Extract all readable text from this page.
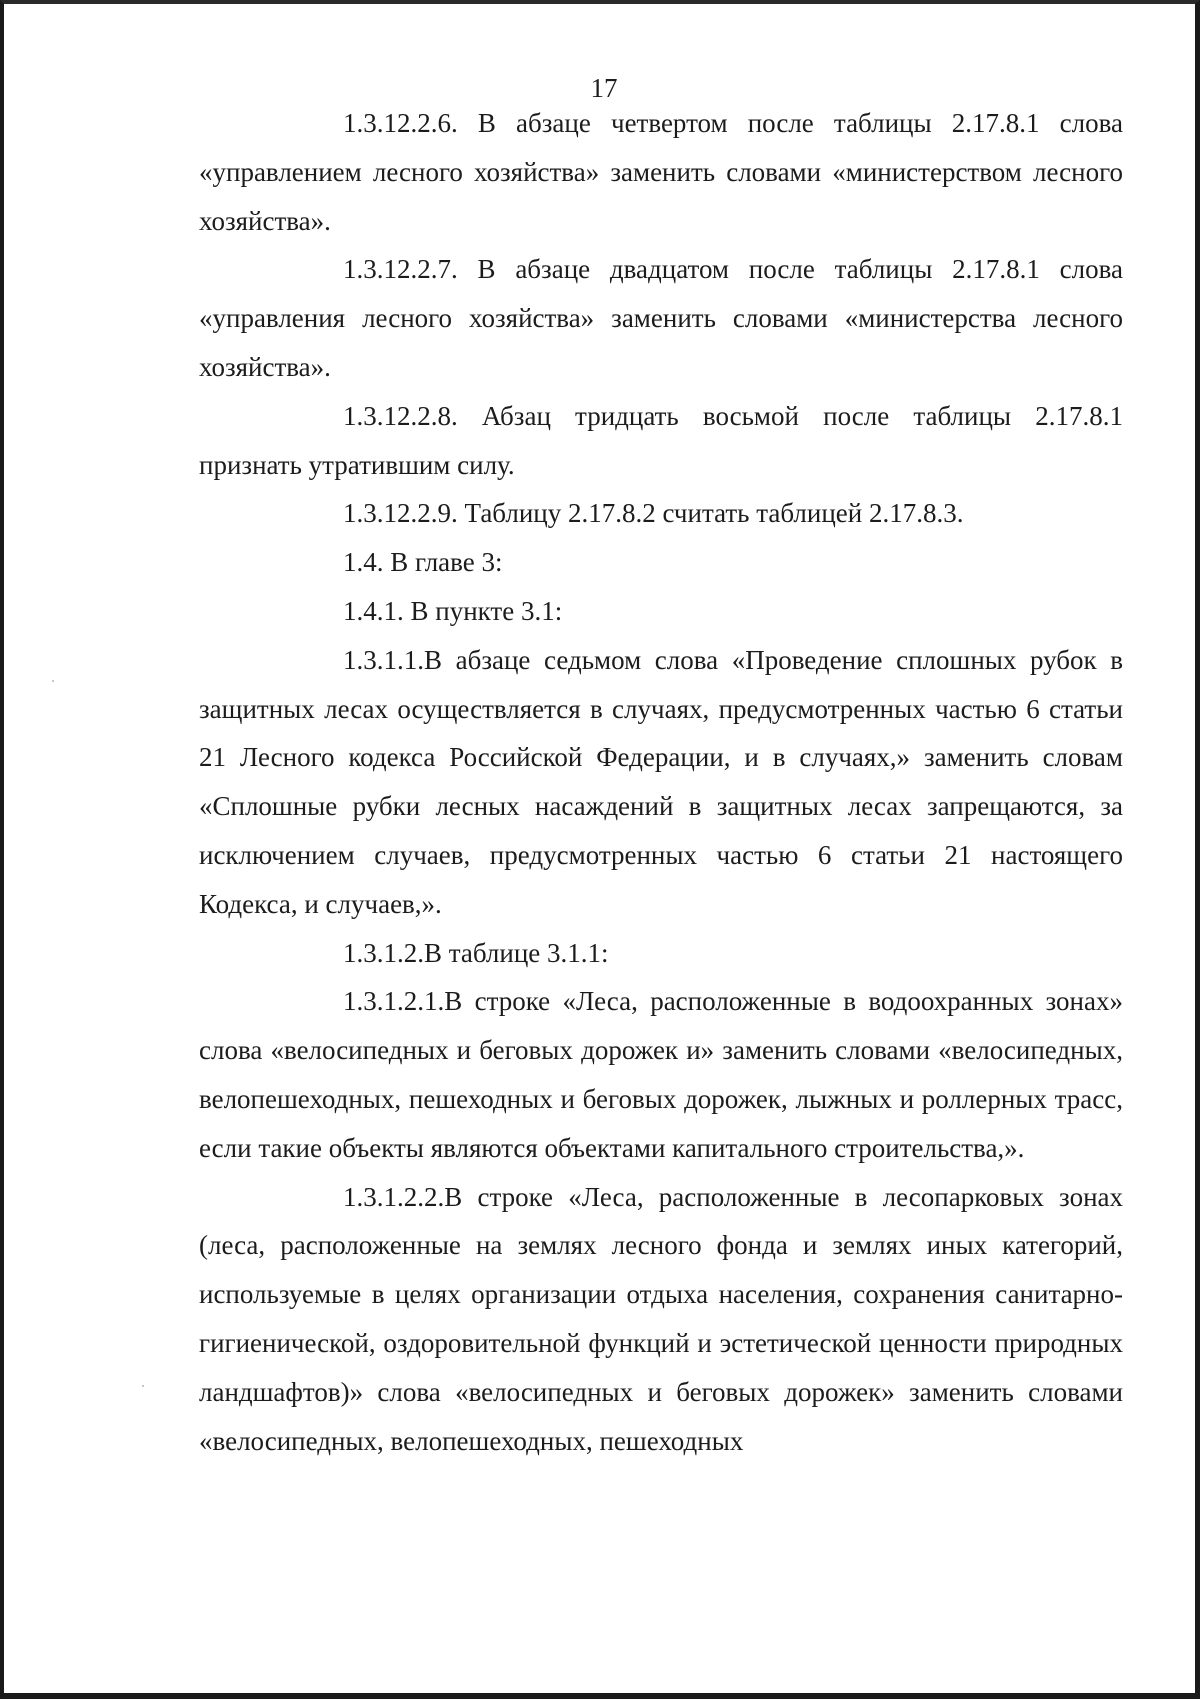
17

1.3.12.2.6. В абзаце четвертом после таблицы 2.17.8.1 слова «управлением лесного хозяйства» заменить словами «министерством лесного хозяйства».

1.3.12.2.7. В абзаце двадцатом после таблицы 2.17.8.1 слова «управления лесного хозяйства» заменить словами «министерства лесного хозяйства».

1.3.12.2.8. Абзац тридцать восьмой после таблицы 2.17.8.1 признать утратившим силу.

1.3.12.2.9. Таблицу 2.17.8.2 считать таблицей 2.17.8.3.

1.4. В главе 3:

1.4.1. В пункте 3.1:

1.3.1.1.В абзаце седьмом слова «Проведение сплошных рубок в защитных лесах осуществляется в случаях, предусмотренных частью 6 статьи 21 Лесного кодекса Российской Федерации, и в случаях,» заменить словам «Сплошные рубки лесных насаждений в защитных лесах запрещаются, за исключением случаев, предусмотренных частью 6 статьи 21 настоящего Кодекса, и случаев,».

1.3.1.2.В таблице 3.1.1:

1.3.1.2.1.В строке «Леса, расположенные в водоохранных зонах» слова «велосипедных и беговых дорожек и» заменить словами «велосипедных, велопешеходных, пешеходных и беговых дорожек, лыжных и роллерных трасс, если такие объекты являются объектами капитального строительства,».

1.3.1.2.2.В строке «Леса, расположенные в лесопарковых зонах (леса, расположенные на землях лесного фонда и землях иных категорий, используемые в целях организации отдыха населения, сохранения санитарно-гигиенической, оздоровительной функций и эстетической ценности природных ландшафтов)» слова «велосипедных и беговых дорожек» заменить словами «велосипедных, велопешеходных, пешеходных
